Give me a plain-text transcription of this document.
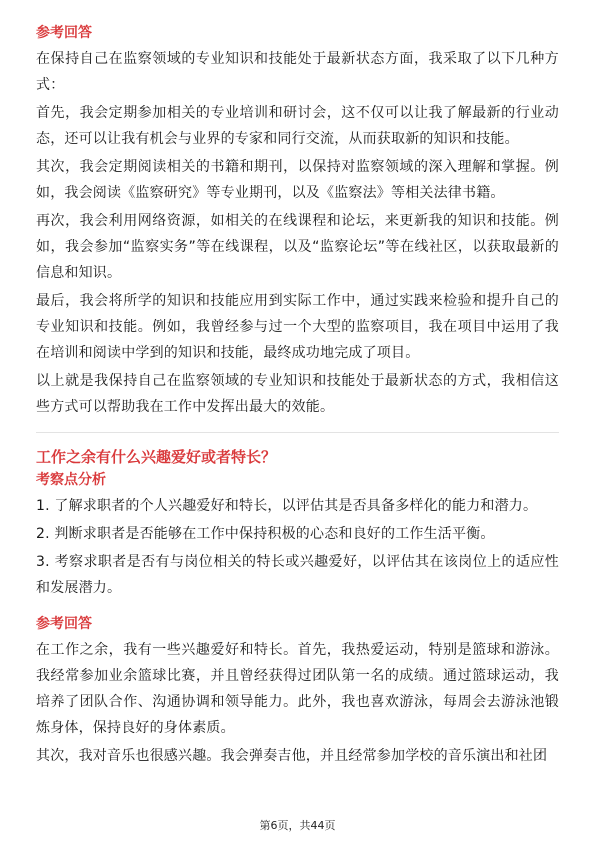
参考回答

在保持自己在监察领域的专业知识和技能处于最新状态方面，我采取了以下几种方式：

首先，我会定期参加相关的专业培训和研讨会，这不仅可以让我了解最新的行业动态，还可以让我有机会与业界的专家和同行交流，从而获取新的知识和技能。

其次，我会定期阅读相关的书籍和期刊，以保持对监察领域的深入理解和掌握。例如，我会阅读《监察研究》等专业期刊，以及《监察法》等相关法律书籍。

再次，我会利用网络资源，如相关的在线课程和论坛，来更新我的知识和技能。例如，我会参加“监察实务”等在线课程，以及“监察论坛”等在线社区，以获取最新的信息和知识。

最后，我会将所学的知识和技能应用到实际工作中，通过实践来检验和提升自己的专业知识和技能。例如，我曾经参与过一个大型的监察项目，我在项目中运用了我在培训和阅读中学到的知识和技能，最终成功地完成了项目。

以上就是我保持自己在监察领域的专业知识和技能处于最新状态的方式，我相信这些方式可以帮助我在工作中发挥出最大的效能。

工作之余有什么兴趣爱好或者特长？

考察点分析

1. 了解求职者的个人兴趣爱好和特长，以评估其是否具备多样化的能力和潜力。

2. 判断求职者是否能够在工作中保持积极的心态和良好的工作生活平衡。

3. 考察求职者是否有与岗位相关的特长或兴趣爱好，以评估其在该岗位上的适应性和发展潜力。

参考回答

在工作之余，我有一些兴趣爱好和特长。首先，我热爱运动，特别是篮球和游泳。我经常参加业余篮球比赛，并且曾经获得过团队第一名的成绩。通过篮球运动，我培养了团队合作、沟通协调和领导能力。此外，我也喜欢游泳，每周会去游泳池锻炼身体，保持良好的身体素质。

其次，我对音乐也很感兴趣。我会弹奏吉他，并且经常参加学校的音乐演出和社团

第6页，共44页
